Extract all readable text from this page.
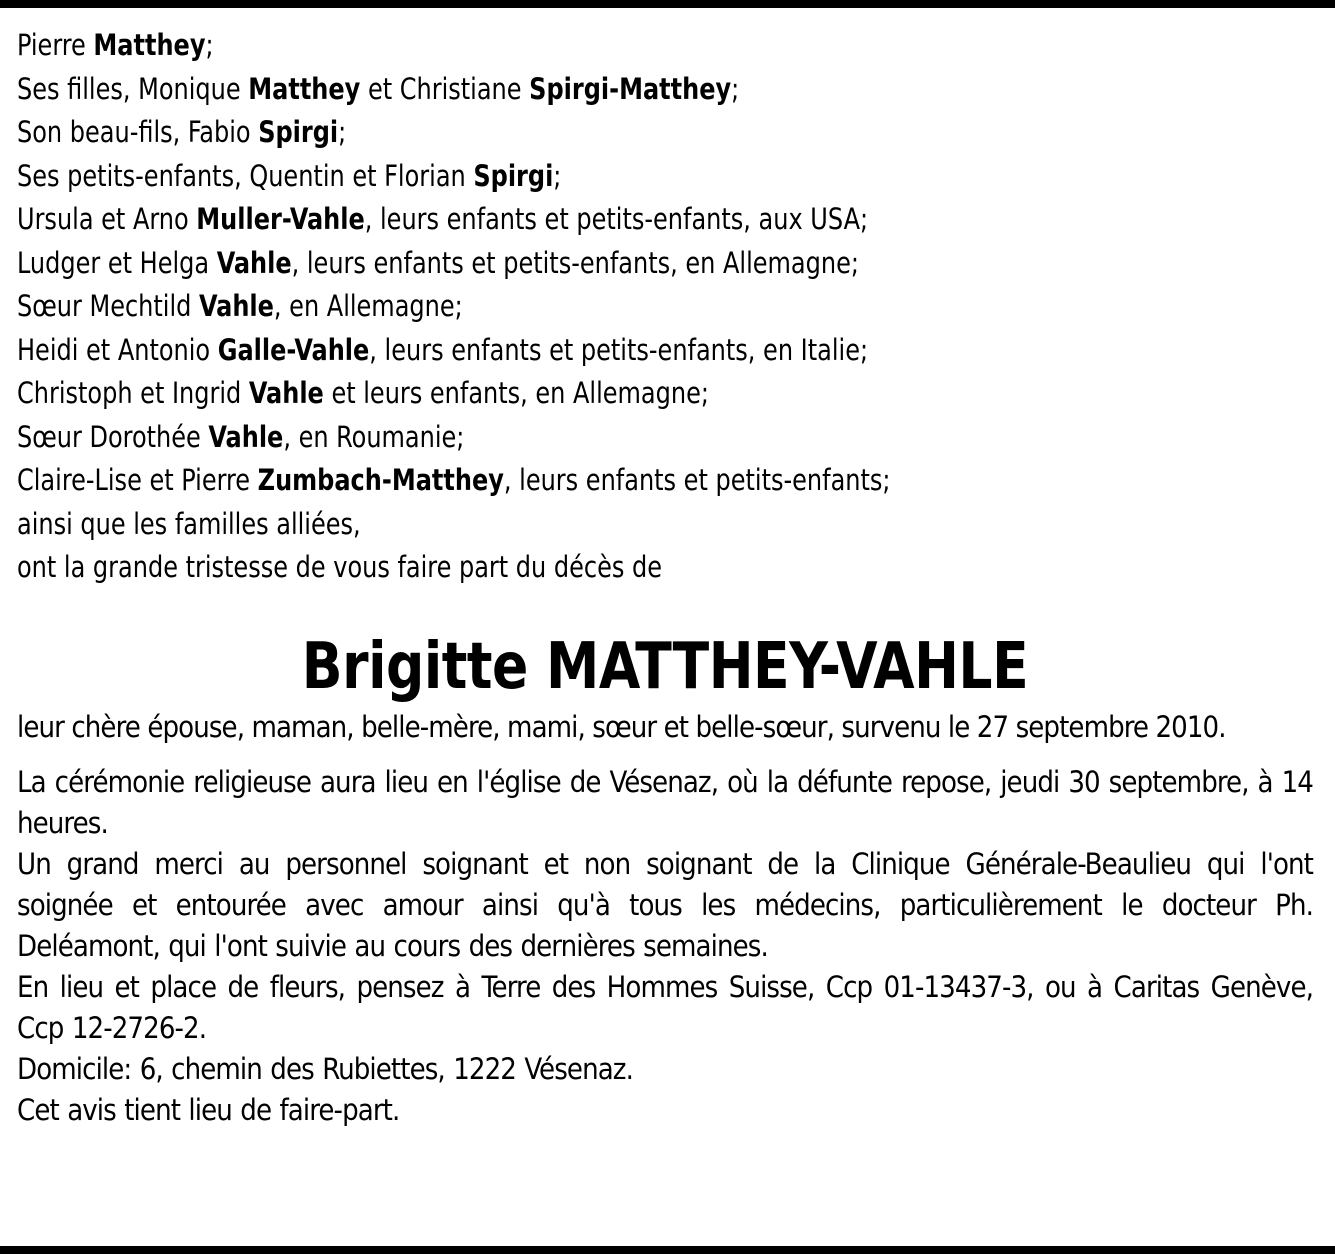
Pierre Matthey;

Ses filles, Monique Matthey et Christiane Spirgi-Matthey;

Son beau-fils, Fabio Spirgi;

Ses petits-enfants, Quentin et Florian Spirgi;

Ursula et Arno Muller-Vahle, leurs enfants et petits-enfants, aux USA;

Ludger et Helga Vahle, leurs enfants et petits-enfants, en Allemagne;

Sœur Mechtild Vahle, en Allemagne;

Heidi et Antonio Galle-Vahle, leurs enfants et petits-enfants, en Italie;

Christoph et Ingrid Vahle et leurs enfants, en Allemagne;

Sœur Dorothée Vahle, en Roumanie;

Claire-Lise et Pierre Zumbach-Matthey, leurs enfants et petits-enfants;

ainsi que les familles alliées,

ont la grande tristesse de vous faire part du décès de

Brigitte MATTHEY-VAHLE

leur chère épouse, maman, belle-mère, mami, sœur et belle-sœur, survenu le 27 septembre 2010.

La cérémonie religieuse aura lieu en l'église de Vésenaz, où la défunte repose, jeudi 30 septembre, à 14 heures.

Un grand merci au personnel soignant et non soignant de la Clinique Générale-Beaulieu qui l'ont soignée et entourée avec amour ainsi qu'à tous les médecins, particulièrement le docteur Ph. Deléamont, qui l'ont suivie au cours des dernières semaines.

En lieu et place de fleurs, pensez à Terre des Hommes Suisse, Ccp 01-13437-3, ou à Caritas Genève, Ccp 12-2726-2.

Domicile: 6, chemin des Rubiettes, 1222 Vésenaz.

Cet avis tient lieu de faire-part.
